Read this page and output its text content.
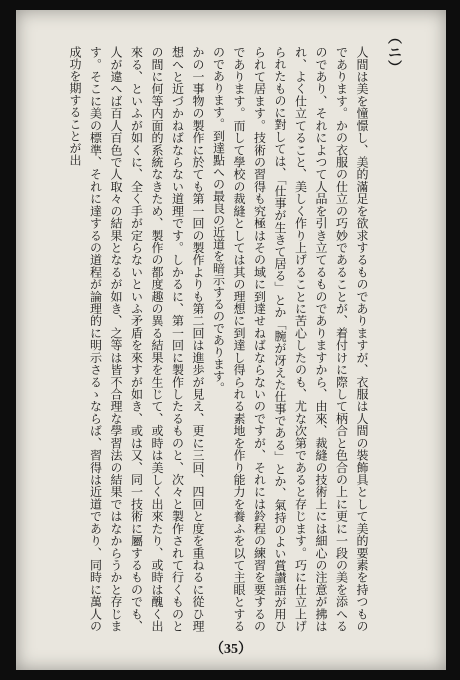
（ニ）

人間は美を憧憬し、美的滿足を欲求するものでありますが、衣服は人間の裝飾具として美的要素を持つものであります。かの衣服の仕立の巧妙であることが、着付けに際して柄合と色合の上に更に一段の美を添へるのであり、それによつて人品を引き立てるものでありますから、由來、裁縫の技術上には細心の注意が拂はれ、よく仕立てること、美しく作り上げることに苦心したのも、尤な次第であると存じます。巧に仕立上げられたものに對しては、「仕事が生きて居る」とか「腕が冴えた仕事である」とか、氣持のよい賞讃語が用ひられて居ます。技術の習得も究極はその域に到達せねばならないのですが、それには鈴程の練習を要するのであります。而して學校の裁縫としては其の理想に到達し得られる素地を作り能力を養ふを以て主眼とするのであります。到達點への最良の近道を暗示するのであります。

かの一事物の製作に於ても第一回の製作よりも第二回は進歩が見え、更に三回、四回と度を重ねるに從ひ理想へと近づかねばならない道理です。しかるに、第一回に製作したるものと、次々と製作されて行くものとの間に何等内面的系統なきため、製作の都度趣の異る結果を生じて、或時は美しく出來たり、或時は醜く出來る、といふが如くに、全く手が定らないといふ矛盾を來すが如き、或は又、同一技術に屬するものでも、人が違へば百人百色で人取々の結果となるが如き、之等は皆不合理な學習法の結果ではなからうかと存じます。そこに美の標準、それに達するの道程が論理的に明示さるゝならば、習得は近道であり、同時に萬人の成功を期することが出

（35）
